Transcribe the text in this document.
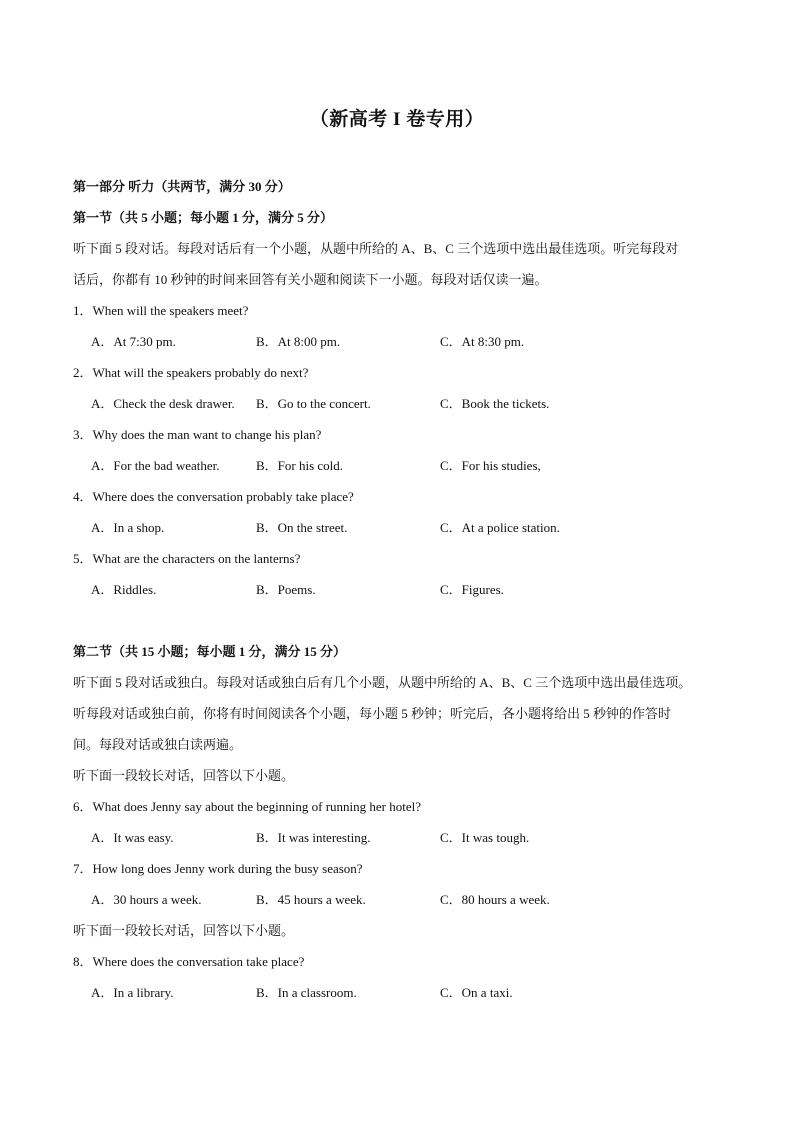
（新高考 I 卷专用）
第一部分 听力（共两节，满分 30 分）
第一节（共 5 小题；每小题 1 分，满分 5 分）
听下面 5 段对话。每段对话后有一个小题，从题中所给的 A、B、C 三个选项中选出最佳选项。听完每段对
话后，你都有 10 秒钟的时间来回答有关小题和阅读下一小题。每段对话仅读一遍。
1．When will the speakers meet?
A．At 7:30 pm.	B．At 8:00 pm.	C．At 8:30 pm.
2．What will the speakers probably do next?
A．Check the desk drawer. B．Go to the concert.	C．Book the tickets.
3．Why does the man want to change his plan?
A．For the bad weather.	B．For his cold.	C．For his studies,
4．Where does the conversation probably take place?
A．In a shop.	B．On the street.	C．At a police station.
5．What are the characters on the lanterns?
A．Riddles.	B．Poems.	C．Figures.
第二节（共 15 小题；每小题 1 分，满分 15 分）
听下面 5 段对话或独白。每段对话或独白后有几个小题，从题中所给的 A、B、C 三个选项中选出最佳选项。
听每段对话或独白前，你将有时间阅读各个小题，每小题 5 秒钟；听完后，各小题将给出 5 秒钟的作答时
间。每段对话或独白读两遍。
听下面一段较长对话，回答以下小题。
6．What does Jenny say about the beginning of running her hotel?
A．It was easy.	B．It was interesting.	C．It was tough.
7．How long does Jenny work during the busy season?
A．30 hours a week.	B．45 hours a week.	C．80 hours a week.
听下面一段较长对话，回答以下小题。
8．Where does the conversation take place?
A．In a library.	B．In a classroom.	C．On a taxi.
